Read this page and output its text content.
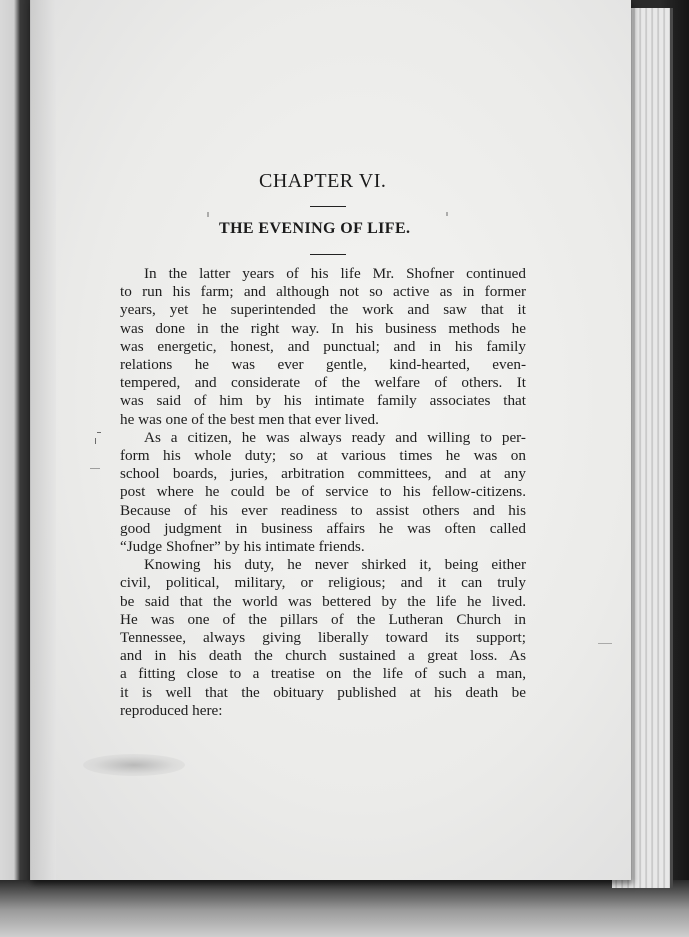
CHAPTER VI.
THE EVENING OF LIFE.
In the latter years of his life Mr. Shofner continued
to run his farm; and although not so active as in former
years, yet he superintended the work and saw that it
was done in the right way. In his business methods he
was energetic, honest, and punctual; and in his family
relations he was ever gentle, kind-hearted, even-
tempered, and considerate of the welfare of others. It
was said of him by his intimate family associates that
he was one of the best men that ever lived.
As a citizen, he was always ready and willing to per-
form his whole duty; so at various times he was on
school boards, juries, arbitration committees, and at any
post where he could be of service to his fellow-citizens.
Because of his ever readiness to assist others and his
good judgment in business affairs he was often called
“Judge Shofner” by his intimate friends.
Knowing his duty, he never shirked it, being either
civil, political, military, or religious; and it can truly
be said that the world was bettered by the life he lived.
He was one of the pillars of the Lutheran Church in
Tennessee, always giving liberally toward its support;
and in his death the church sustained a great loss. As
a fitting close to a treatise on the life of such a man,
it is well that the obituary published at his death be
reproduced here:
